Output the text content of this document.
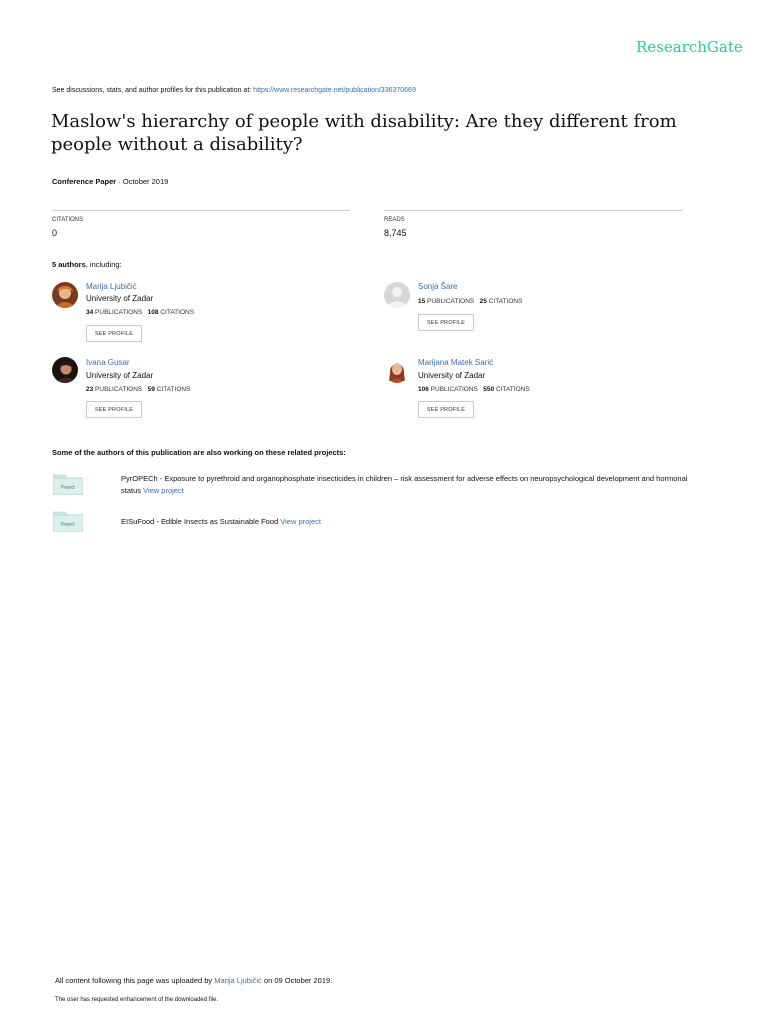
ResearchGate
See discussions, stats, and author profiles for this publication at: https://www.researchgate.net/publication/336370669
Maslow's hierarchy of people with disability: Are they different from people without a disability?
Conference Paper · October 2019
CITATIONS
0
READS
8,745
5 authors, including:
Marija Ljubičić
University of Zadar
34 PUBLICATIONS 108 CITATIONS
SEE PROFILE
Sonja Šare
15 PUBLICATIONS 25 CITATIONS
SEE PROFILE
Ivana Gusar
University of Zadar
23 PUBLICATIONS 59 CITATIONS
SEE PROFILE
Marijana Matek Sarić
University of Zadar
106 PUBLICATIONS 550 CITATIONS
SEE PROFILE
Some of the authors of this publication are also working on these related projects:
Project
PyrOPECh - Exposure to pyrethroid and organophosphate insecticides in children – risk assessment for adverse effects on neuropsychological development and hormonal status View project
Project	EISuFood - Edible Insects as Sustainable Food View project
All content following this page was uploaded by Marija Ljubičić on 09 October 2019.
The user has requested enhancement of the downloaded file.
